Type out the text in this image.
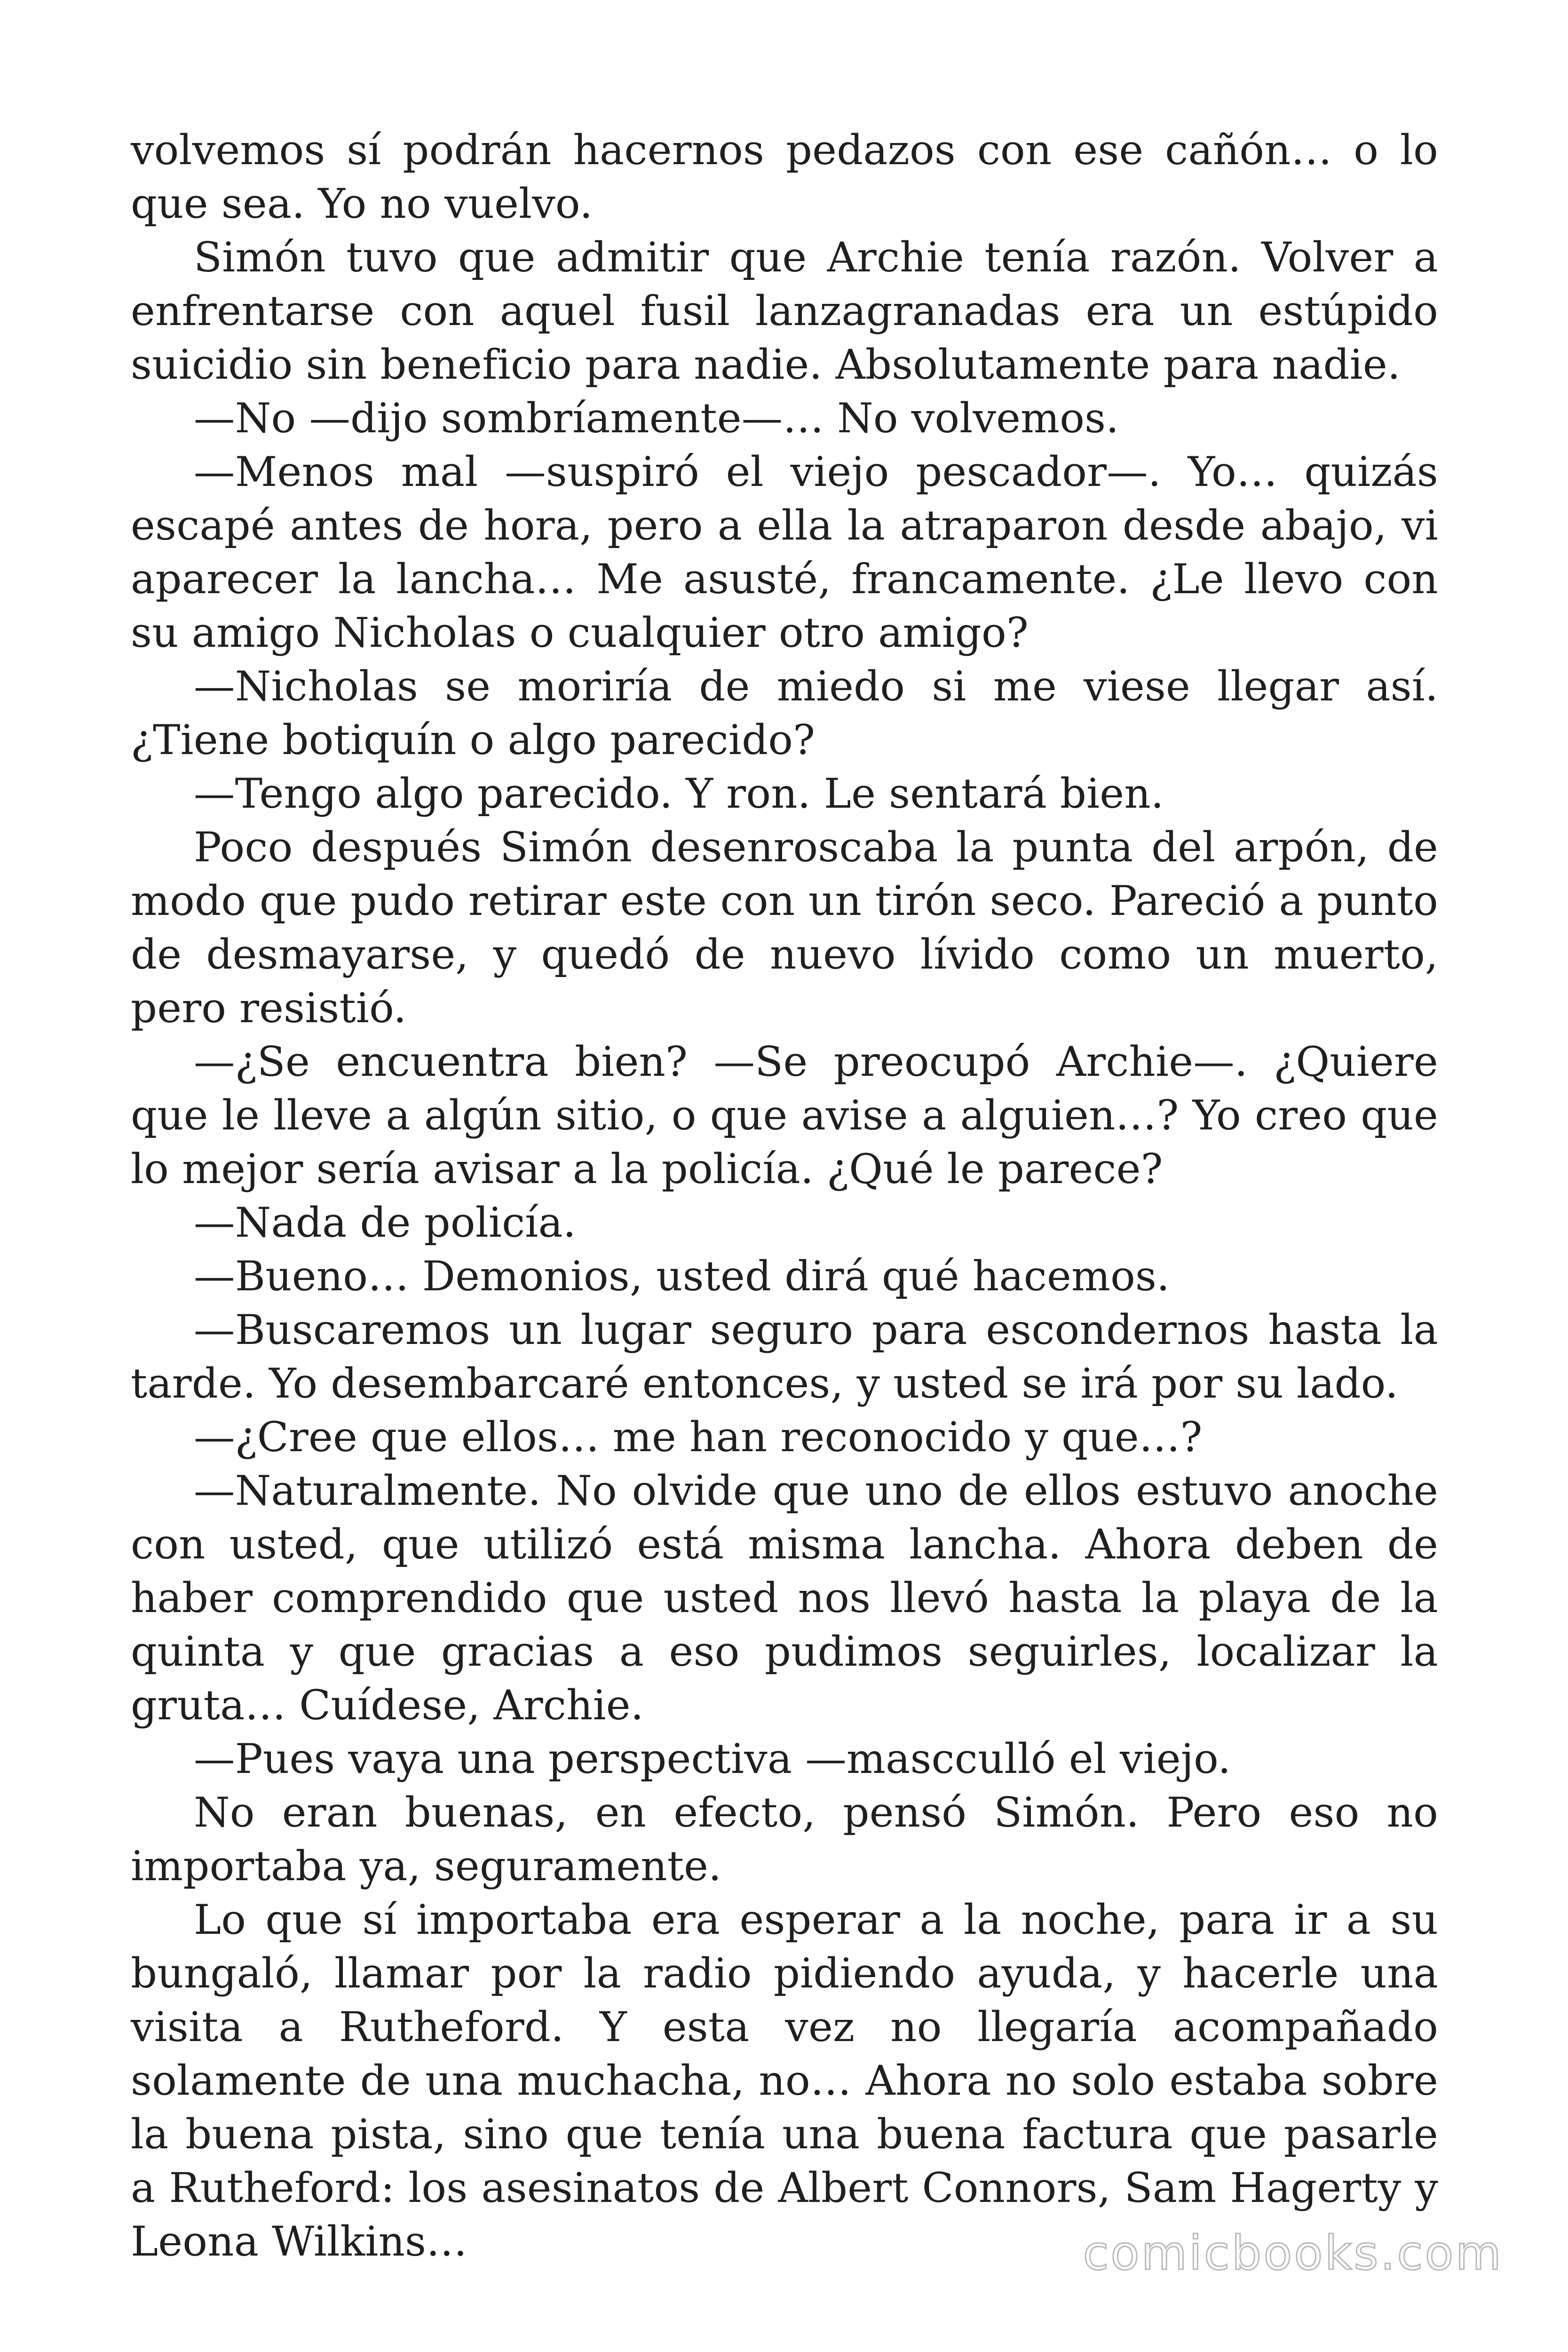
volvemos sí podrán hacernos pedazos con ese cañón… o lo que sea. Yo no vuelvo.

Simón tuvo que admitir que Archie tenía razón. Volver a enfrentarse con aquel fusil lanzagranadas era un estúpido suicidio sin beneficio para nadie. Absolutamente para nadie.

—No —dijo sombríamente—… No volvemos.

—Menos mal —suspiró el viejo pescador—. Yo… quizás escapé antes de hora, pero a ella la atraparon desde abajo, vi aparecer la lancha… Me asusté, francamente. ¿Le llevo con su amigo Nicholas o cualquier otro amigo?

—Nicholas se moriría de miedo si me viese llegar así. ¿Tiene botiquín o algo parecido?

—Tengo algo parecido. Y ron. Le sentará bien.

Poco después Simón desenroscaba la punta del arpón, de modo que pudo retirar este con un tirón seco. Pareció a punto de desmayarse, y quedó de nuevo lívido como un muerto, pero resistió.

—¿Se encuentra bien? —Se preocupó Archie—. ¿Quiere que le lleve a algún sitio, o que avise a alguien…? Yo creo que lo mejor sería avisar a la policía. ¿Qué le parece?

—Nada de policía.

—Bueno… Demonios, usted dirá qué hacemos.

—Buscaremos un lugar seguro para escondernos hasta la tarde. Yo desembarcaré entonces, y usted se irá por su lado.

—¿Cree que ellos… me han reconocido y que…?

—Naturalmente. No olvide que uno de ellos estuvo anoche con usted, que utilizó está misma lancha. Ahora deben de haber comprendido que usted nos llevó hasta la playa de la quinta y que gracias a eso pudimos seguirles, localizar la gruta… Cuídese, Archie.

—Pues vaya una perspectiva —mascculló el viejo.

No eran buenas, en efecto, pensó Simón. Pero eso no importaba ya, seguramente.

Lo que sí importaba era esperar a la noche, para ir a su bungaló, llamar por la radio pidiendo ayuda, y hacerle una visita a Rutheford. Y esta vez no llegaría acompañado solamente de una muchacha, no… Ahora no solo estaba sobre la buena pista, sino que tenía una buena factura que pasarle a Rutheford: los asesinatos de Albert Connors, Sam Hagerty y Leona Wilkins…	comicbooks.com
